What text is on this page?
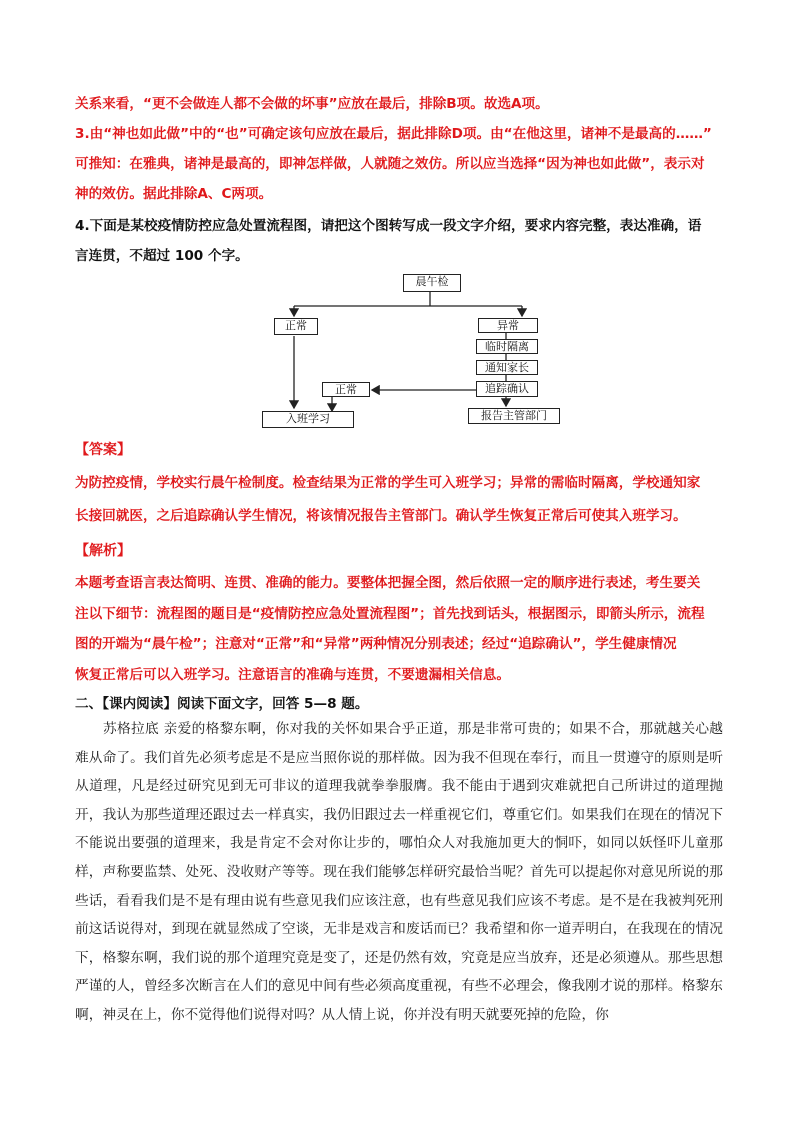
关系来看，“更不会做连人都不会做的坏事”应放在最后，排除B项。故选A项。
3.由“神也如此做”中的“也”可确定该句应放在最后，据此排除D项。由“在他这里，诸神不是最高的……”
可推知：在雅典，诸神是最高的，即神怎样做，人就随之效仿。所以应当选择“因为神也如此做”，表示对
神的效仿。据此排除A、C两项。
4.下面是某校疫情防控应急处置流程图，请把这个图转写成一段文字介绍，要求内容完整，表达准确，语
言连贯，不超过 100 个字。
晨午检
正常	异常
临时隔离
通知家长
追踪确认
正常
报告主管部门
入班学习
【答案】
为防控疫情，学校实行晨午检制度。检查结果为正常的学生可入班学习；异常的需临时隔离，学校通知家
长接回就医，之后追踪确认学生情况，将该情况报告主管部门。确认学生恢复正常后可使其入班学习。
【解析】
本题考查语言表达简明、连贯、准确的能力。要整体把握全图，然后依照一定的顺序进行表述，考生要关
注以下细节：流程图的题目是“疫情防控应急处置流程图”；首先找到话头，根据图示，即箭头所示，流程
图的开端为“晨午检”；注意对“正常”和“异常”两种情况分别表述；经过“追踪确认”，学生健康情况
恢复正常后可以入班学习。注意语言的准确与连贯，不要遗漏相关信息。
二、【课内阅读】阅读下面文字，回答 5—8 题。
苏格拉底 亲爱的格黎东啊，你对我的关怀如果合乎正道，那是非常可贵的；如果不合，那就越关心越难从命了。我们首先必须考虑是不是应当照你说的那样做。因为我不但现在奉行，而且一贯遵守的原则是听从道理，凡是经过研究见到无可非议的道理我就拳拳服膺。我不能由于遇到灾难就把自己所讲过的道理抛开，我认为那些道理还跟过去一样真实，我仍旧跟过去一样重视它们，尊重它们。如果我们在现在的情况下不能说出要强的道理来，我是肯定不会对你让步的，哪怕众人对我施加更大的恫吓，如同以妖怪吓儿童那样，声称要监禁、处死、没收财产等等。现在我们能够怎样研究最恰当呢？首先可以提起你对意见所说的那些话，看看我们是不是有理由说有些意见我们应该注意，也有些意见我们应该不考虑。是不是在我被判死刑前这话说得对，到现在就显然成了空谈，无非是戏言和废话而已？我希望和你一道弄明白，在我现在的情况下，格黎东啊，我们说的那个道理究竟是变了，还是仍然有效，究竟是应当放弃，还是必须遵从。那些思想严谨的人，曾经多次断言在人们的意见中间有些必须高度重视，有些不必理会，像我刚才说的那样。格黎东啊，神灵在上，你不觉得他们说得对吗？从人情上说，你并没有明天就要死掉的危险，你
